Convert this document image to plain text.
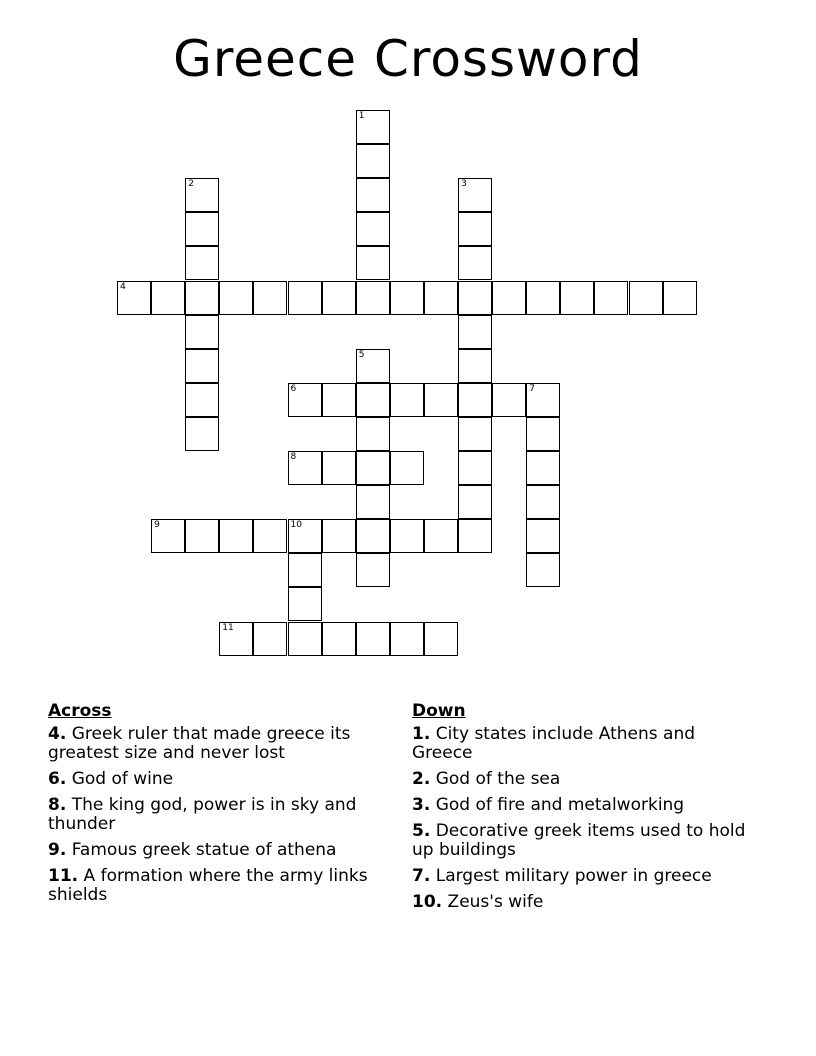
Greece Crossword
1
2	3
4
5
6	7
8
9	10
11
Across
4. Greek ruler that made greece its greatest size and never lost
6. God of wine
8. The king god, power is in sky and thunder
9. Famous greek statue of athena
11. A formation where the army links shields
Down
1. City states include Athens and Greece
2. God of the sea
3. God of fire and metalworking
5. Decorative greek items used to hold up buildings
7. Largest military power in greece
10. Zeus's wife
